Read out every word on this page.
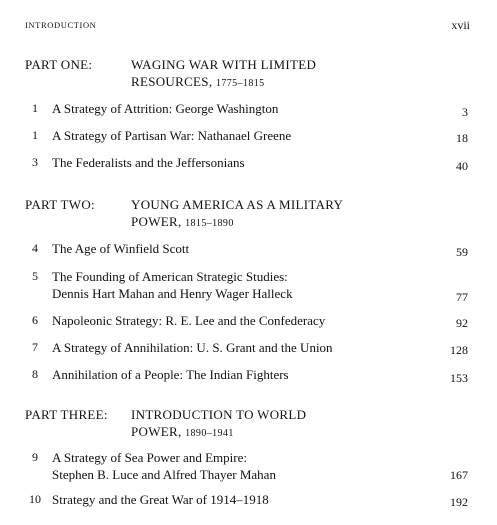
INTRODUCTION	xvii
PART ONE:	WAGING WAR WITH LIMITED
RESOURCES, 1775–1815
1	A Strategy of Attrition: George Washington	3
1	A Strategy of Partisan War: Nathanael Greene	18
3	The Federalists and the Jeffersonians	40
PART TWO:	YOUNG AMERICA AS A MILITARY
POWER, 1815–1890
4	The Age of Winfield Scott	59
5	The Founding of American Strategic Studies:
Dennis Hart Mahan and Henry Wager Halleck	77
6	Napoleonic Strategy: R. E. Lee and the Confederacy	92
7	A Strategy of Annihilation: U. S. Grant and the Union	128
8	Annihilation of a People: The Indian Fighters	153
PART THREE: INTRODUCTION TO WORLD
POWER, 1890–1941
9	A Strategy of Sea Power and Empire:
Stephen B. Luce and Alfred Thayer Mahan	167
10 Strategy and the Great War of 1914–1918	192
